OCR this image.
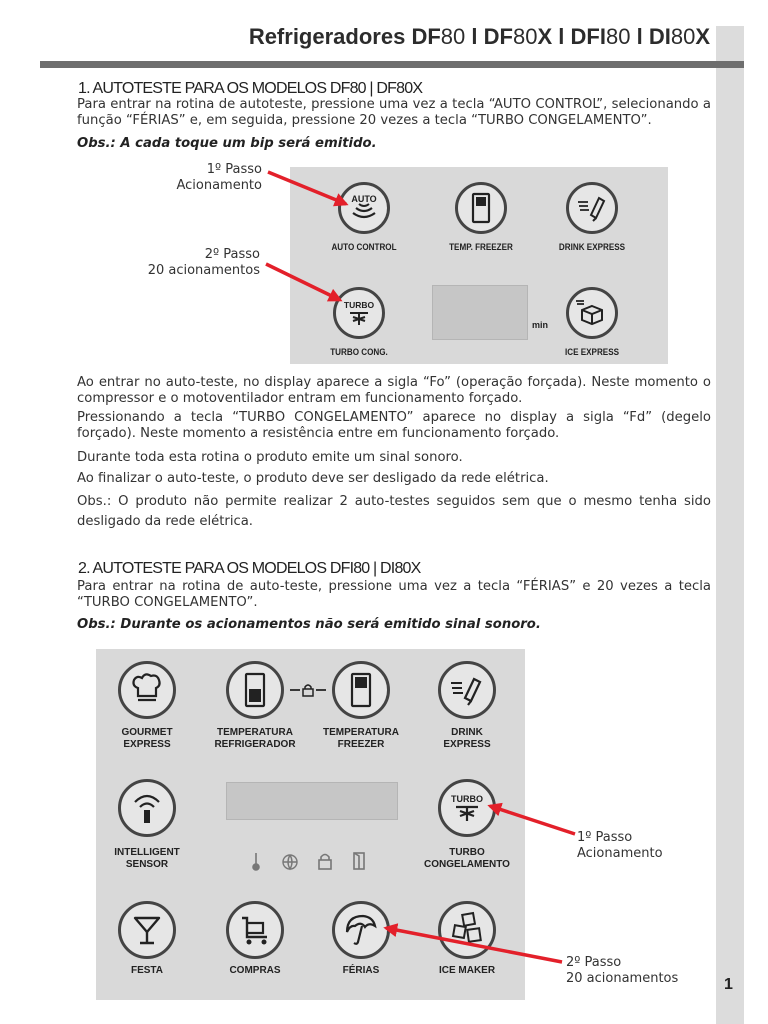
Refrigeradores DF80 l DF80X l DFI80 l DI80X
1. AUTOTESTE PARA OS MODELOS DF80 | DF80X
Para entrar na rotina de autoteste, pressione uma vez a tecla “AUTO CONTROL”, selecionando a função “FÉRIAS” e, em seguida, pressione 20 vezes a tecla “TURBO CONGELAMENTO”.
Obs.: A cada toque um bip será emitido.
1º Passo
Acionamento
2º Passo
20 acionamentos
AUTO
AUTO CONTROL	TEMP. FREEZER	DRINK EXPRESS
TURBO
TURBO CONG.
min
ICE EXPRESS
Ao entrar no auto-teste, no display aparece a sigla “Fo” (operação forçada). Neste momento o compressor e o motoventilador entram em funcionamento forçado.
Pressionando a tecla “TURBO CONGELAMENTO” aparece no display a sigla “Fd” (degelo forçado). Neste momento a resistência entre em funcionamento forçado.
Durante toda esta rotina o produto emite um sinal sonoro.
Ao finalizar o auto-teste, o produto deve ser desligado da rede elétrica.
Obs.: O produto não permite realizar 2 auto-testes seguidos sem que o mesmo tenha sido desligado da rede elétrica.
2. AUTOTESTE PARA OS MODELOS DFI80 | DI80X
Para entrar na rotina de auto-teste, pressione uma vez a tecla “FÉRIAS” e 20 vezes a tecla “TURBO CONGELAMENTO”.
Obs.: Durante os acionamentos não será emitido sinal sonoro.
GOURMET
EXPRESS
TEMPERATURA
REFRIGERADOR
TEMPERATURA
FREEZER
DRINK
EXPRESS
INTELLIGENT
SENSOR
TURBO
TURBO
CONGELAMENTO
FESTA	COMPRAS	FÉRIAS	ICE MAKER
1º Passo
Acionamento
2º Passo
20 acionamentos	1
